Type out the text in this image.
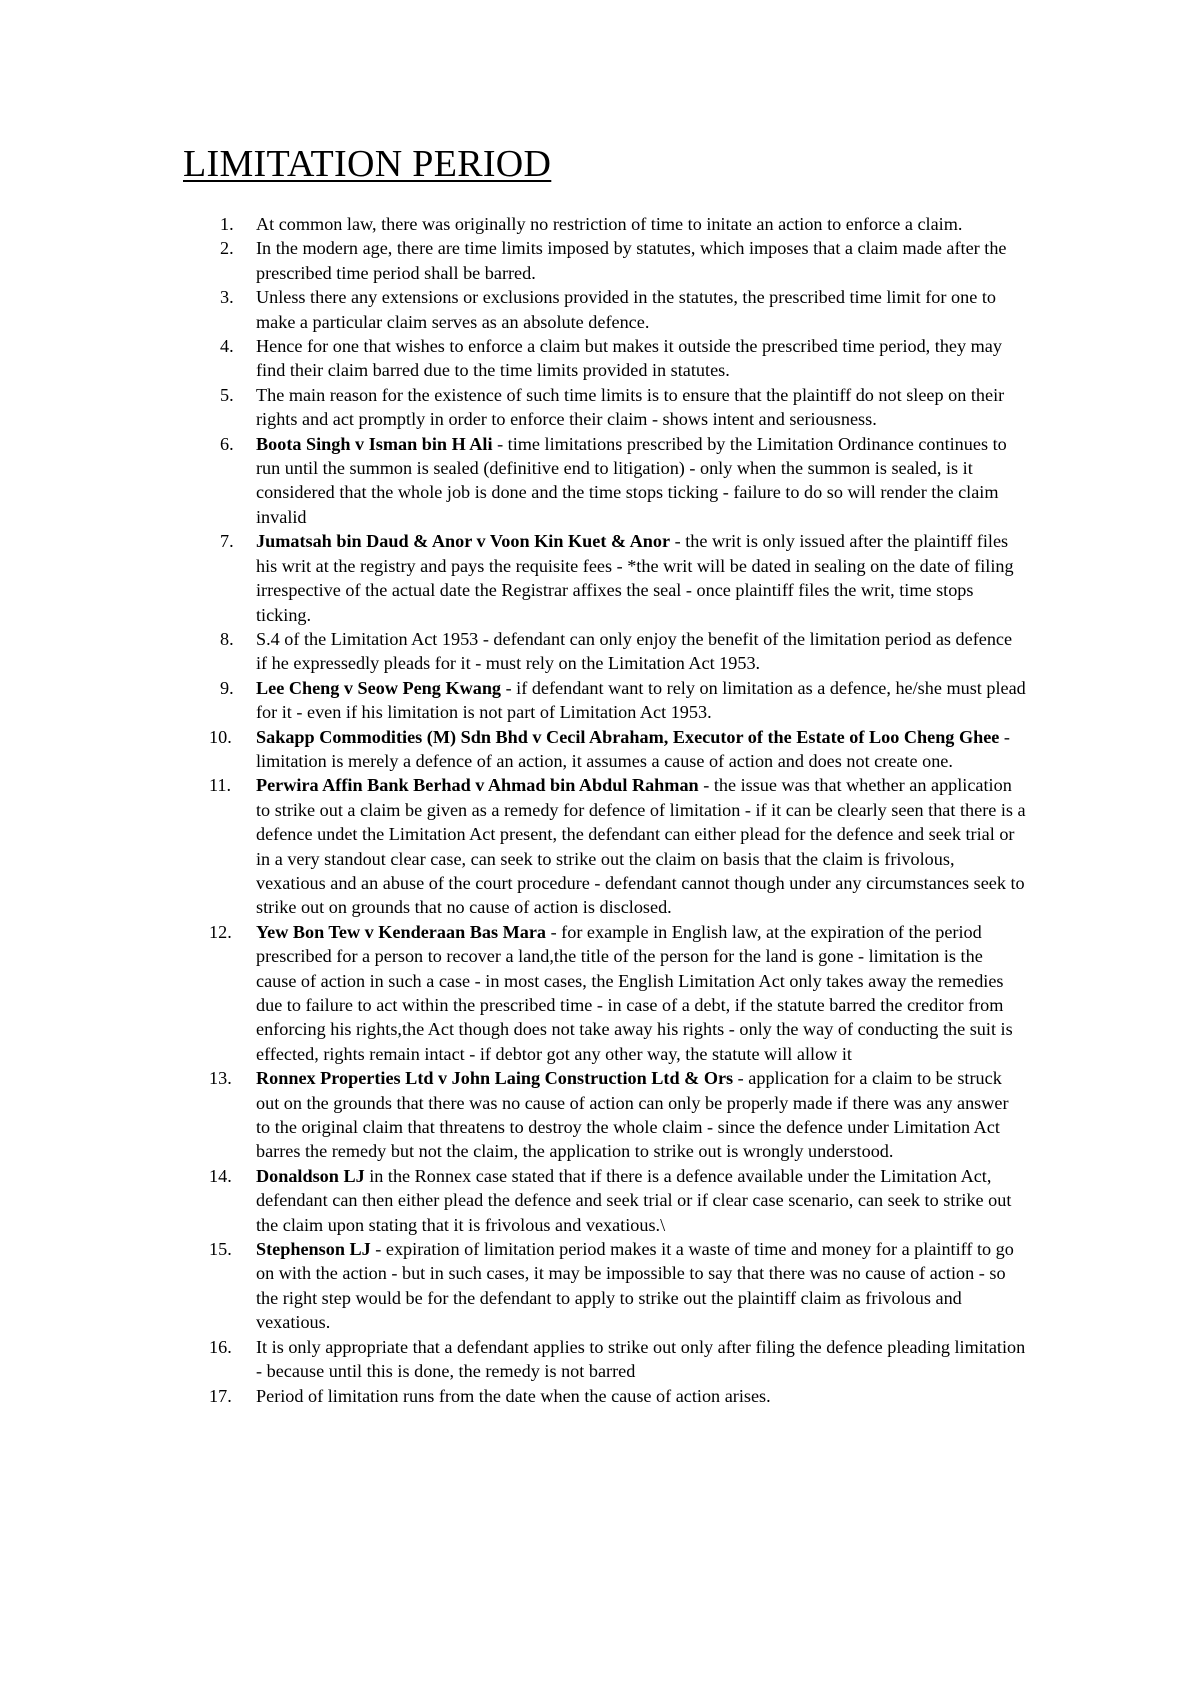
LIMITATION PERIOD
1.	At common law, there was originally no restriction of time to initate an action to enforce a claim.
2.	In the modern age, there are time limits imposed by statutes, which imposes that a claim made after the prescribed time period shall be barred.
3.	Unless there any extensions or exclusions provided in the statutes, the prescribed time limit for one to make a particular claim serves as an absolute defence.
4.	Hence for one that wishes to enforce a claim but makes it outside the prescribed time period, they may find their claim barred due to the time limits provided in statutes.
5.	The main reason for the existence of such time limits is to ensure that the plaintiff do not sleep on their rights and act promptly in order to enforce their claim - shows intent and seriousness.
6.	Boota Singh v Isman bin H Ali - time limitations prescribed by the Limitation Ordinance continues to run until the summon is sealed (definitive end to litigation) - only when the summon is sealed, is it considered that the whole job is done and the time stops ticking - failure to do so will render the claim invalid
7.	Jumatsah bin Daud & Anor v Voon Kin Kuet & Anor - the writ is only issued after the plaintiff files his writ at the registry and pays the requisite fees - *the writ will be dated in sealing on the date of filing irrespective of the actual date the Registrar affixes the seal - once plaintiff files the writ, time stops ticking.
8.	S.4 of the Limitation Act 1953 - defendant can only enjoy the benefit of the limitation period as defence if he expressedly pleads for it - must rely on the Limitation Act 1953.
9.	Lee Cheng v Seow Peng Kwang - if defendant want to rely on limitation as a defence, he/she must plead for it - even if his limitation is not part of Limitation Act 1953.
10.	Sakapp Commodities (M) Sdn Bhd v Cecil Abraham, Executor of the Estate of Loo Cheng Ghee - limitation is merely a defence of an action, it assumes a cause of action and does not create one.
11.	Perwira Affin Bank Berhad v Ahmad bin Abdul Rahman - the issue was that whether an application to strike out a claim be given as a remedy for defence of limitation - if it can be clearly seen that there is a defence undet the Limitation Act present, the defendant can either plead for the defence and seek trial or in a very standout clear case, can seek to strike out the claim on basis that the claim is frivolous, vexatious and an abuse of the court procedure - defendant cannot though under any circumstances seek to strike out on grounds that no cause of action is disclosed.
12.	Yew Bon Tew v Kenderaan Bas Mara - for example in English law, at the expiration of the period prescribed for a person to recover a land,the title of the person for the land is gone - limitation is the cause of action in such a case - in most cases, the English Limitation Act only takes away the remedies due to failure to act within the prescribed time - in case of a debt, if the statute barred the creditor from enforcing his rights,the Act though does not take away his rights - only the way of conducting the suit is effected, rights remain intact - if debtor got any other way, the statute will allow it
13.	Ronnex Properties Ltd v John Laing Construction Ltd & Ors - application for a claim to be struck out on the grounds that there was no cause of action can only be properly made if there was any answer to the original claim that threatens to destroy the whole claim - since the defence under Limitation Act barres the remedy but not the claim, the application to strike out is wrongly understood.
14.	Donaldson LJ in the Ronnex case stated that if there is a defence available under the Limitation Act, defendant can then either plead the defence and seek trial or if clear case scenario, can seek to strike out the claim upon stating that it is frivolous and vexatious.\
15.	Stephenson LJ - expiration of limitation period makes it a waste of time and money for a plaintiff to go on with the action - but in such cases, it may be impossible to say that there was no cause of action - so the right step would be for the defendant to apply to strike out the plaintiff claim as frivolous and vexatious.
16.	It is only appropriate that a defendant applies to strike out only after filing the defence pleading limitation - because until this is done, the remedy is not barred
17.	Period of limitation runs from the date when the cause of action arises.
